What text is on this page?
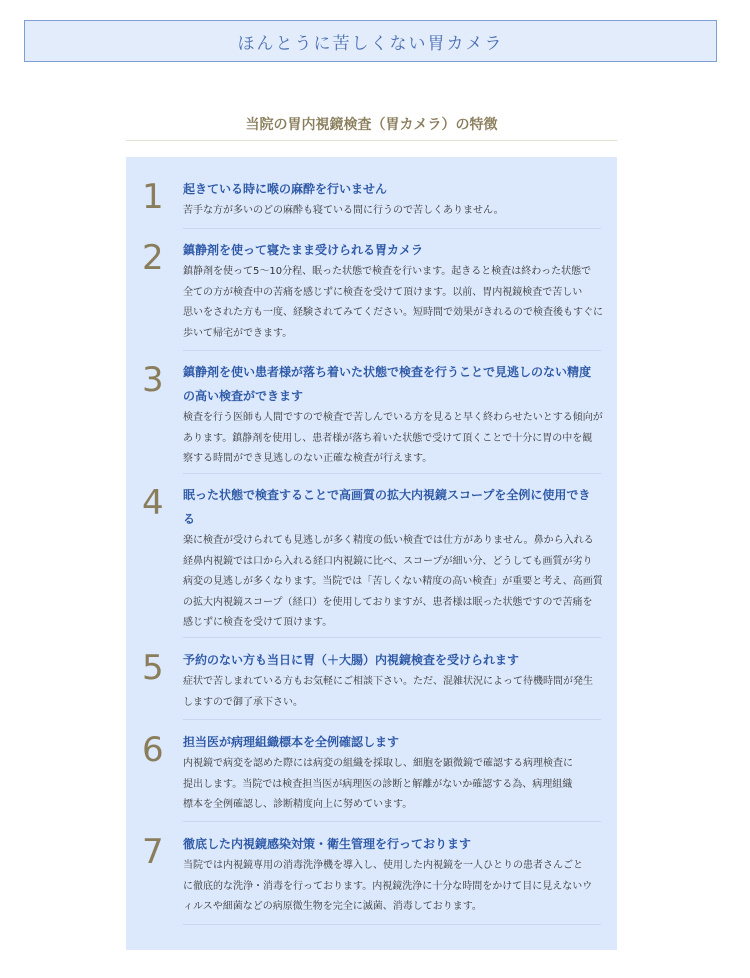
ほんとうに苦しくない胃カメラ
当院の胃内視鏡検査（胃カメラ）の特徴
1	起きている時に喉の麻酔を行いません

苦手な方が多いのどの麻酔も寝ている間に行うので苦しくありません。

2	鎮静剤を使って寝たまま受けられる胃カメラ

鎮静剤を使って5～10分程、眠った状態で検査を行います。起きると検査は終わった状態で

全ての方が検査中の苦痛を感じずに検査を受けて頂けます。以前、胃内視鏡検査で苦しい

思いをされた方も一度、経験されてみてください。短時間で効果がきれるので検査後もすぐに

歩いて帰宅ができます。

3	鎮静剤を使い患者様が落ち着いた状態で検査を行うことで見逃しのない精度

の高い検査ができます

検査を行う医師も人間ですので検査で苦しんでいる方を見ると早く終わらせたいとする傾向が

あります。鎮静剤を使用し、患者様が落ち着いた状態で受けて頂くことで十分に胃の中を観

察する時間ができ見逃しのない正確な検査が行えます。

4	眠った状態で検査することで高画質の拡大内視鏡スコープを全例に使用でき

る

楽に検査が受けられても見逃しが多く精度の低い検査では仕方がありません。鼻から入れる

経鼻内視鏡では口から入れる経口内視鏡に比べ、スコープが細い分、どうしても画質が劣り

病変の見逃しが多くなります。当院では「苦しくない精度の高い検査」が重要と考え、高画質

の拡大内視鏡スコープ（経口）を使用しておりますが、患者様は眠った状態ですので苦痛を

感じずに検査を受けて頂けます。

5	予約のない方も当日に胃（＋大腸）内視鏡検査を受けられます

症状で苦しまれている方もお気軽にご相談下さい。ただ、混雑状況によって待機時間が発生

しますので御了承下さい。

6	担当医が病理組織標本を全例確認します

内視鏡で病変を認めた際には病変の組織を採取し、細胞を顕微鏡で確認する病理検査に

提出します。当院では検査担当医が病理医の診断と解離がないか確認する為、病理組織

標本を全例確認し、診断精度向上に努めています。

7	徹底した内視鏡感染対策・衛生管理を行っております

当院では内視鏡専用の消毒洗浄機を導入し、使用した内視鏡を一人ひとりの患者さんごと

に徹底的な洗浄・消毒を行っております。内視鏡洗浄に十分な時間をかけて目に見えないウ

ィルスや細菌などの病原微生物を完全に滅菌、消毒しております。
